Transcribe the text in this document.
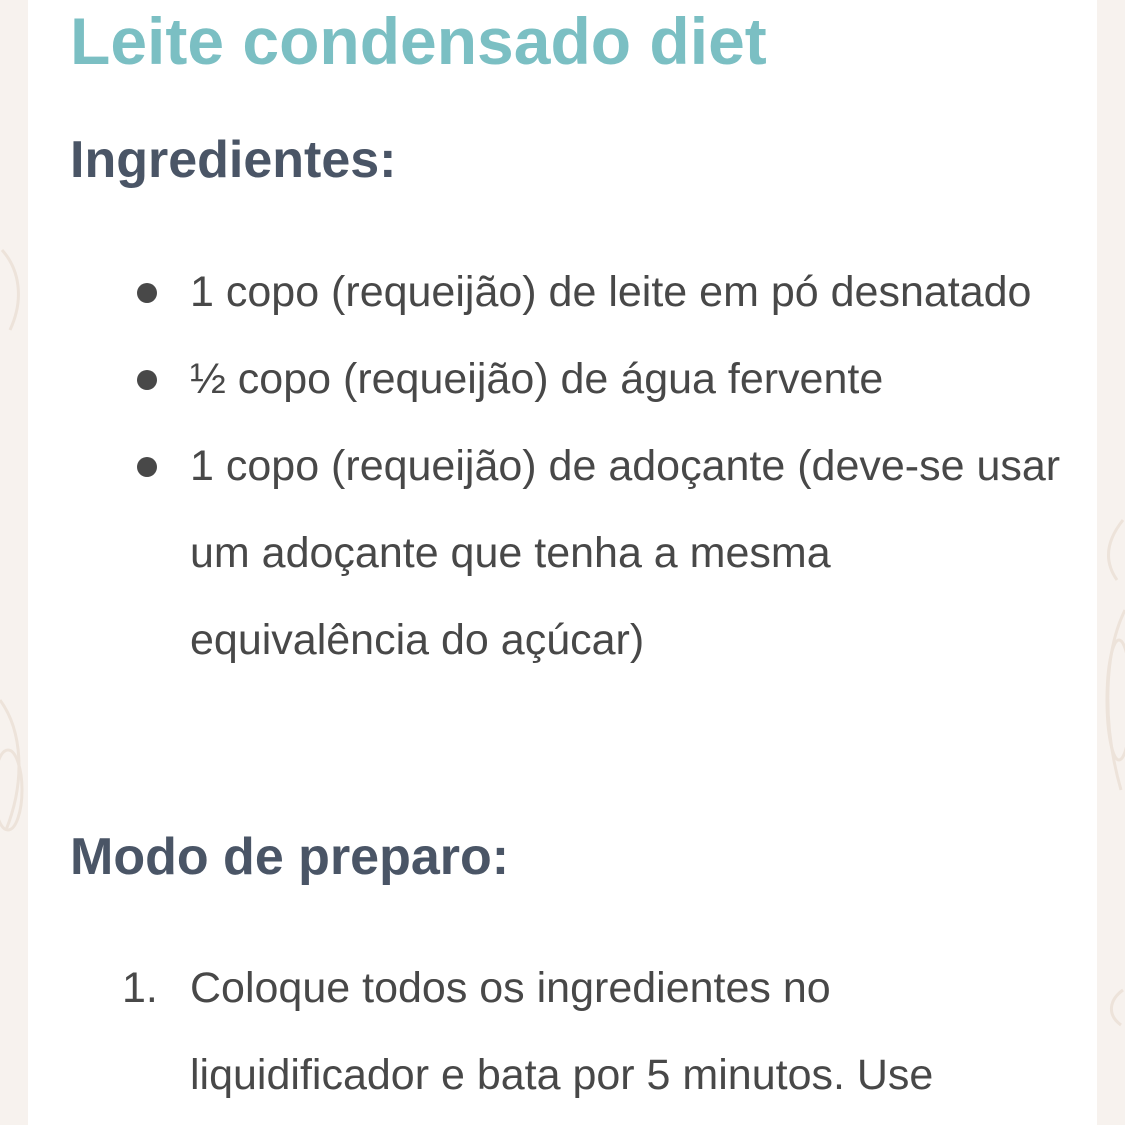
Leite condensado diet
Ingredientes:
1 copo (requeijão) de leite em pó desnatado
½ copo (requeijão) de água fervente
1 copo (requeijão) de adoçante (deve-se usar um adoçante que tenha a mesma equivalência do açúcar)
Modo de preparo:
1. Coloque todos os ingredientes no liquidificador e bata por 5 minutos. Use
